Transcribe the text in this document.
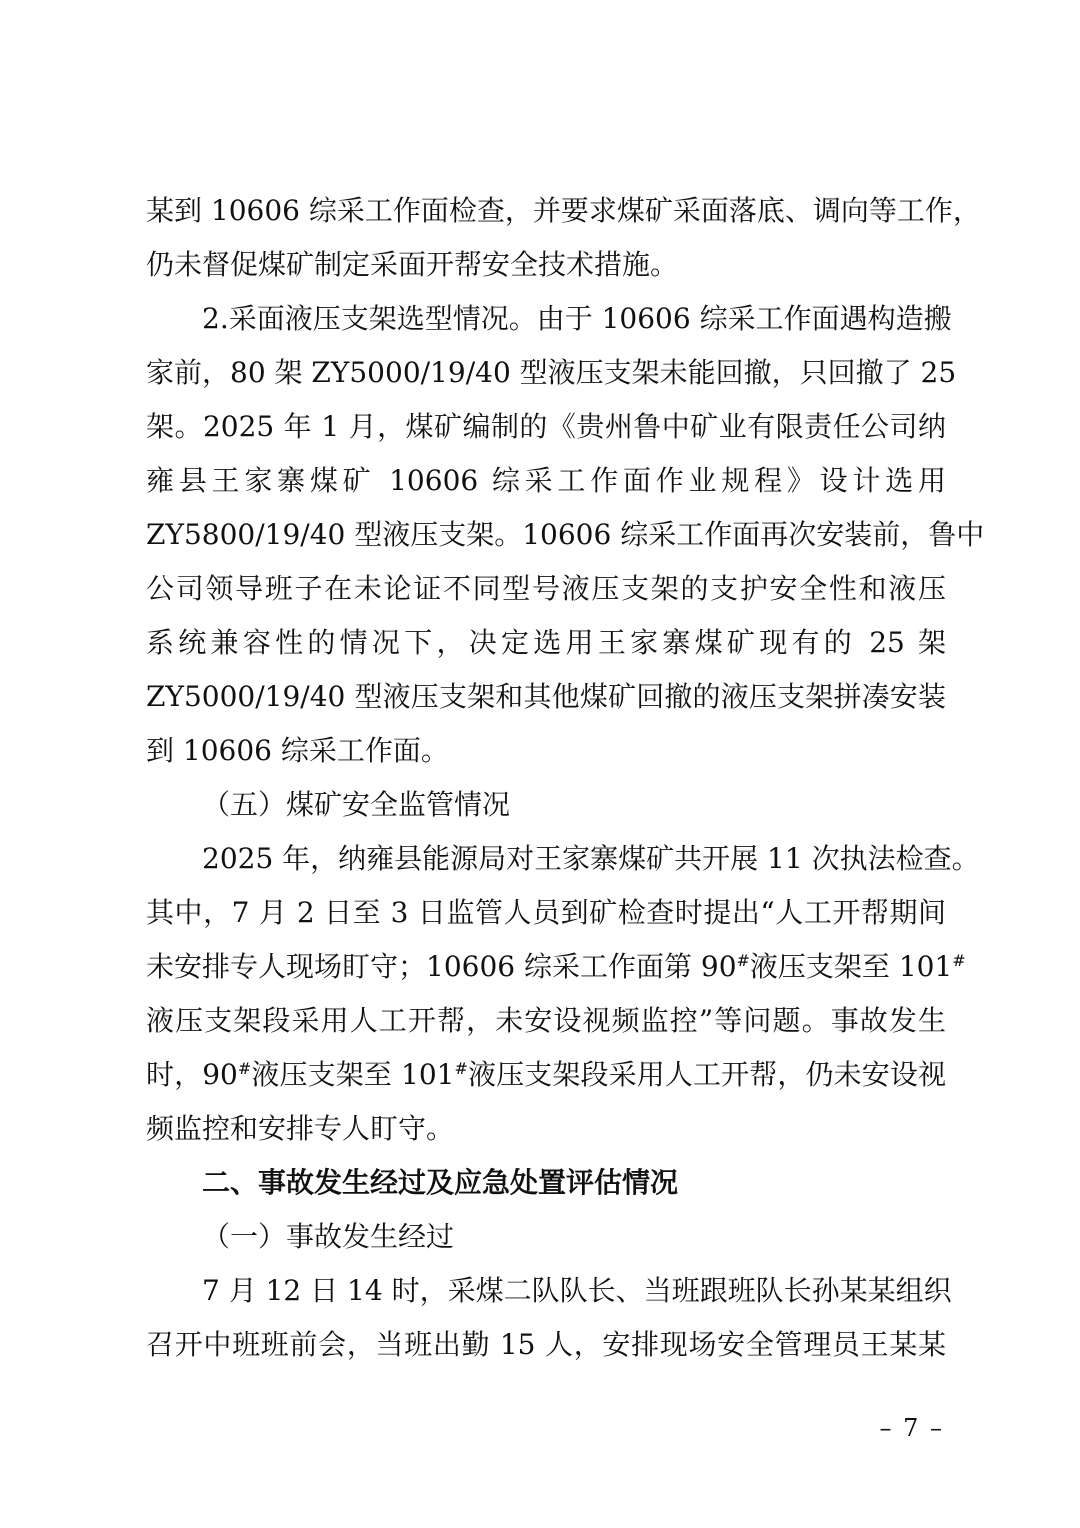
某到 10606 综采工作面检查，并要求煤矿采面落底、调向等工作，
仍未督促煤矿制定采面开帮安全技术措施。
2.采面液压支架选型情况。由于 10606 综采工作面遇构造搬
家前，80 架 ZY5000/19/40 型液压支架未能回撤，只回撤了 25
架。2025 年 1 月，煤矿编制的《贵州鲁中矿业有限责任公司纳
雍县王家寨煤矿 10606 综采工作面作业规程》设计选用
ZY5800/19/40 型液压支架。10606 综采工作面再次安装前，鲁中
公司领导班子在未论证不同型号液压支架的支护安全性和液压
系统兼容性的情况下，决定选用王家寨煤矿现有的 25 架
ZY5000/19/40 型液压支架和其他煤矿回撤的液压支架拼凑安装
到 10606 综采工作面。
（五）煤矿安全监管情况
2025 年，纳雍县能源局对王家寨煤矿共开展 11 次执法检查。
其中，7 月 2 日至 3 日监管人员到矿检查时提出“人工开帮期间
未安排专人现场盯守；10606 综采工作面第 90#液压支架至 101#
液压支架段采用人工开帮，未安设视频监控”等问题。事故发生
时，90#液压支架至 101#液压支架段采用人工开帮，仍未安设视
频监控和安排专人盯守。
二、事故发生经过及应急处置评估情况
（一）事故发生经过
7 月 12 日 14 时，采煤二队队长、当班跟班队长孙某某组织
召开中班班前会，当班出勤 15 人，安排现场安全管理员王某某
– 7 –
